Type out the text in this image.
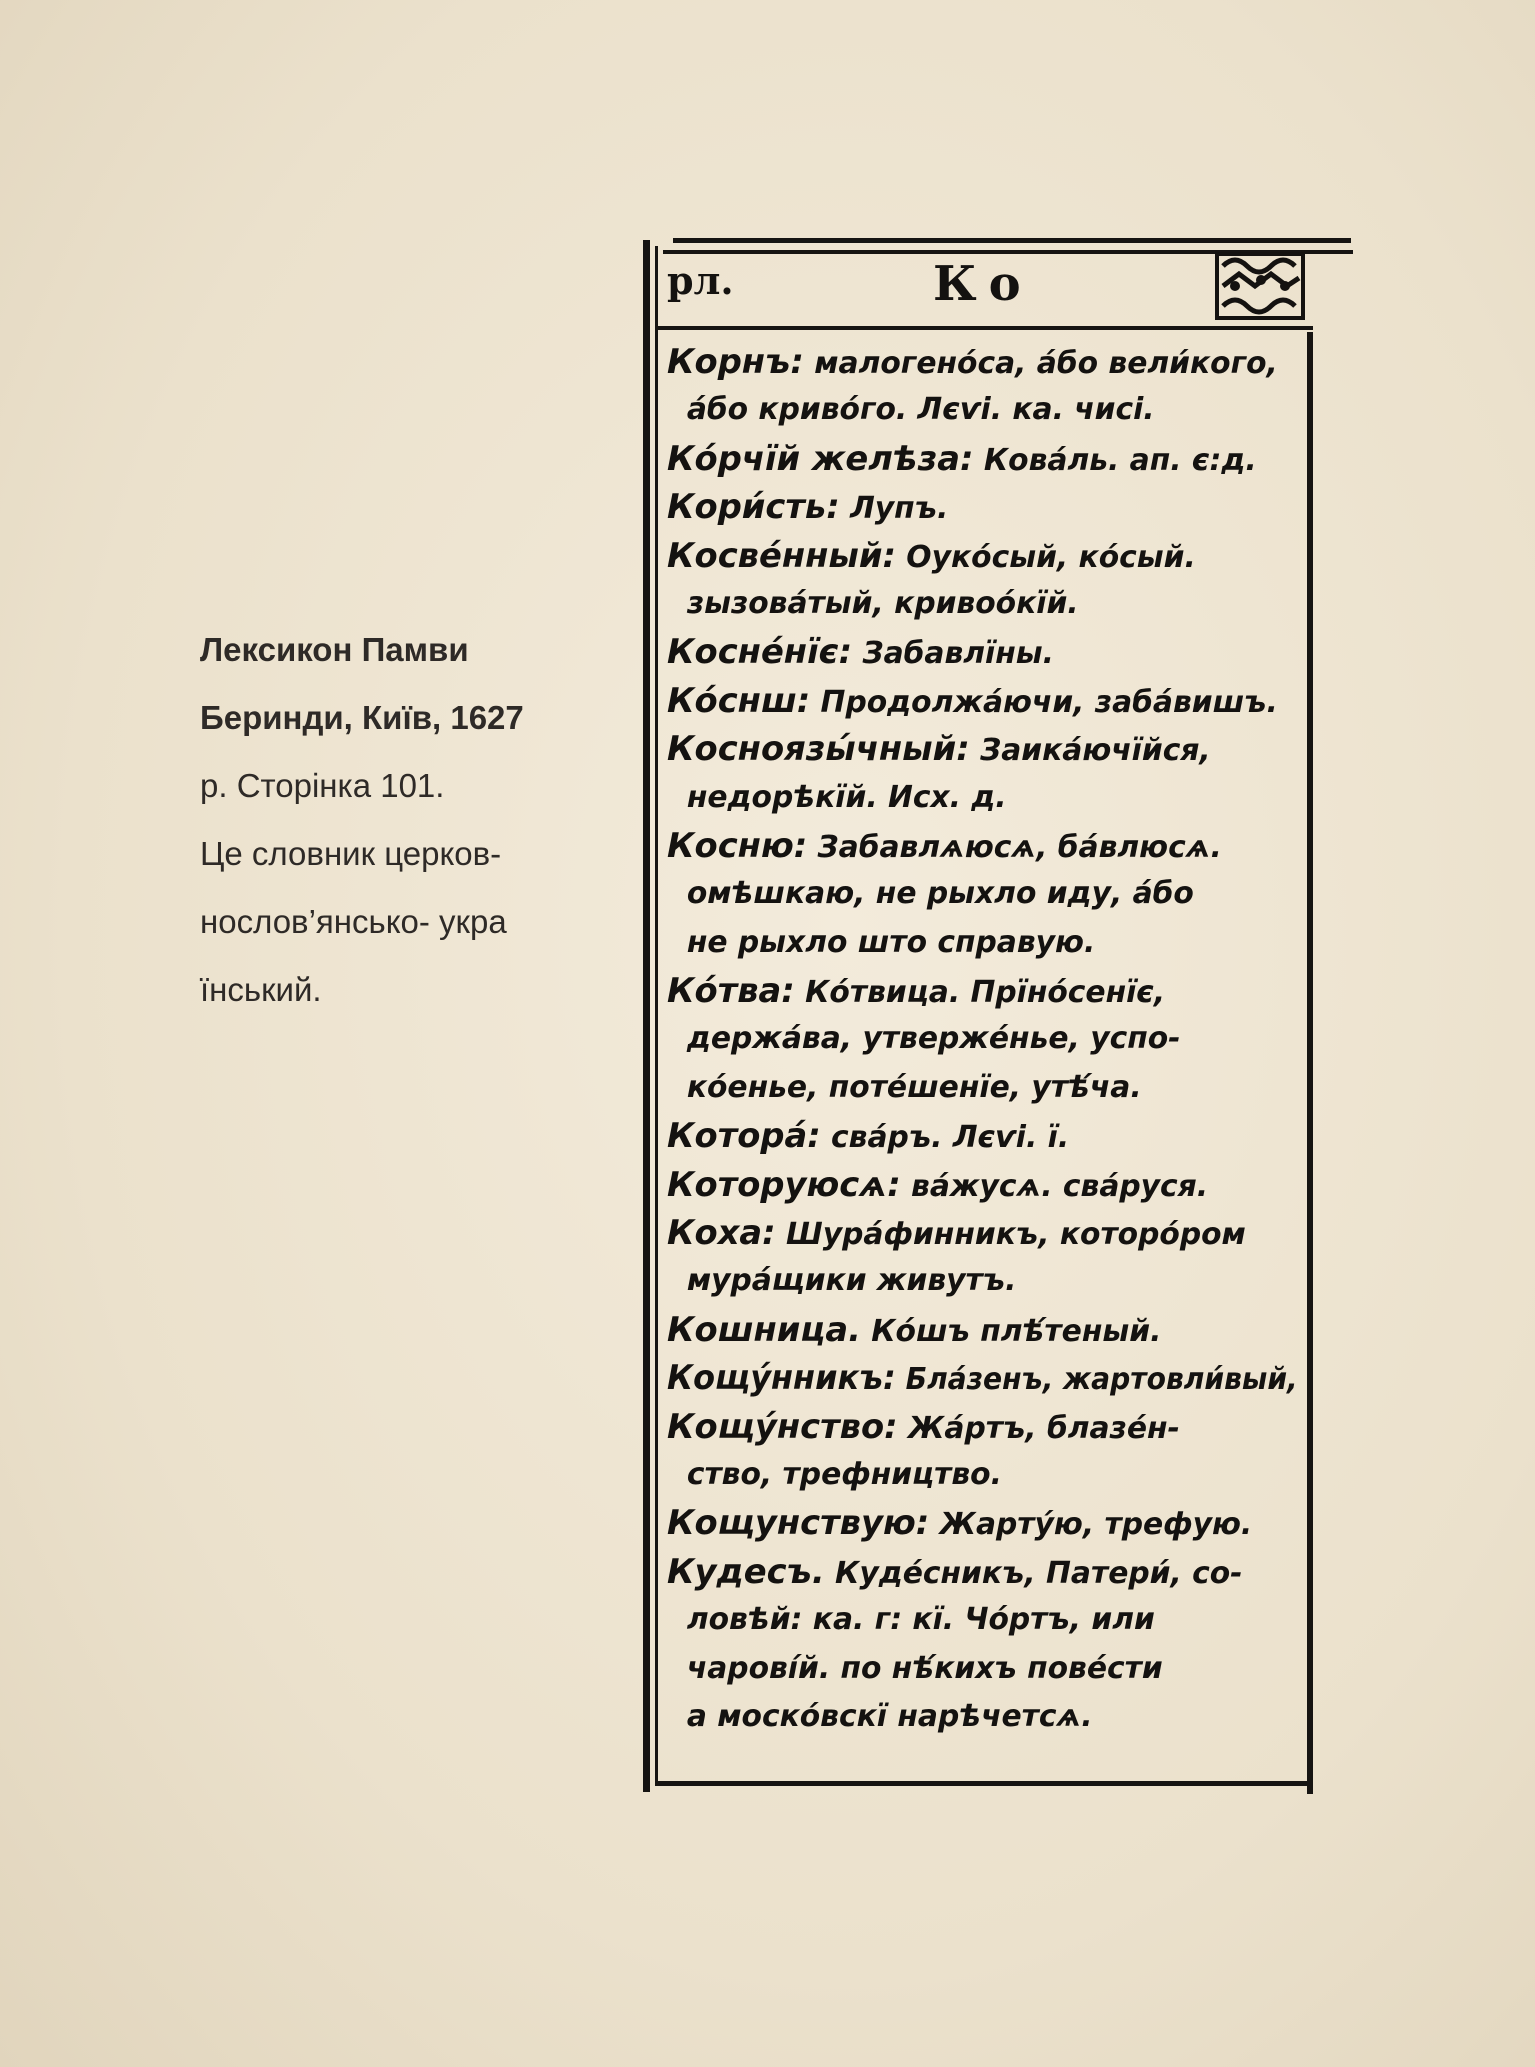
Лексикон Памви
Беринди, Київ, 1627
р. Сторінка 101.
Це словник церков-
нослов’янсько- укра
їнський.
рл.	Ко
Корнъ: малогено́са, а́бо вели́кого,
а́бо криво́го. Лєѵі. ка. чисі.
Ко́рчїй желѣза: Кова́ль. ап. є:д.
Кори́сть: Лупъ.
Косве́нный: Оуко́сый, ко́сый.
зызова́тый, кривоо́кїй.
Косне́нїє: Забавлїны.
Ко́снш: Продолжа́ючи, заба́вишъ.
Косноязы́чный: Заика́ючїйся,
недорѣкїй. Исх. д.
Косню: Забавлѧюсѧ, ба́влюсѧ.
омѣшкаю, не рыхло иду, а́бо
не рыхло што справую.
Ко́тва: Ко́твица. Прїно́сенїє,
держа́ва, утверже́нье, успо-
ко́енье, поте́шенїе, утѣ́ча.
Котора́: сва́ръ. Лєѵі. ї.
Которуюсѧ: ва́жусѧ. сва́руся.
Коха: Шура́финникъ, которо́ром
мура́щики живутъ.
Кошница. Ко́шъ плѣ́теный.
Кощу́нникъ: Бла́зенъ, жартовли́вый,
Кощу́нство: Жа́ртъ, блазе́н-
ство, трефництво.
Кощунствую: Жарту́ю, трефую.
Кудесъ. Куде́сникъ, Патери́, со-
ловѣй: ка. г: кї. Чо́ртъ, или
чарові́й. по нѣ́кихъ пове́сти
а моско́вскї нарѣчетсѧ.
